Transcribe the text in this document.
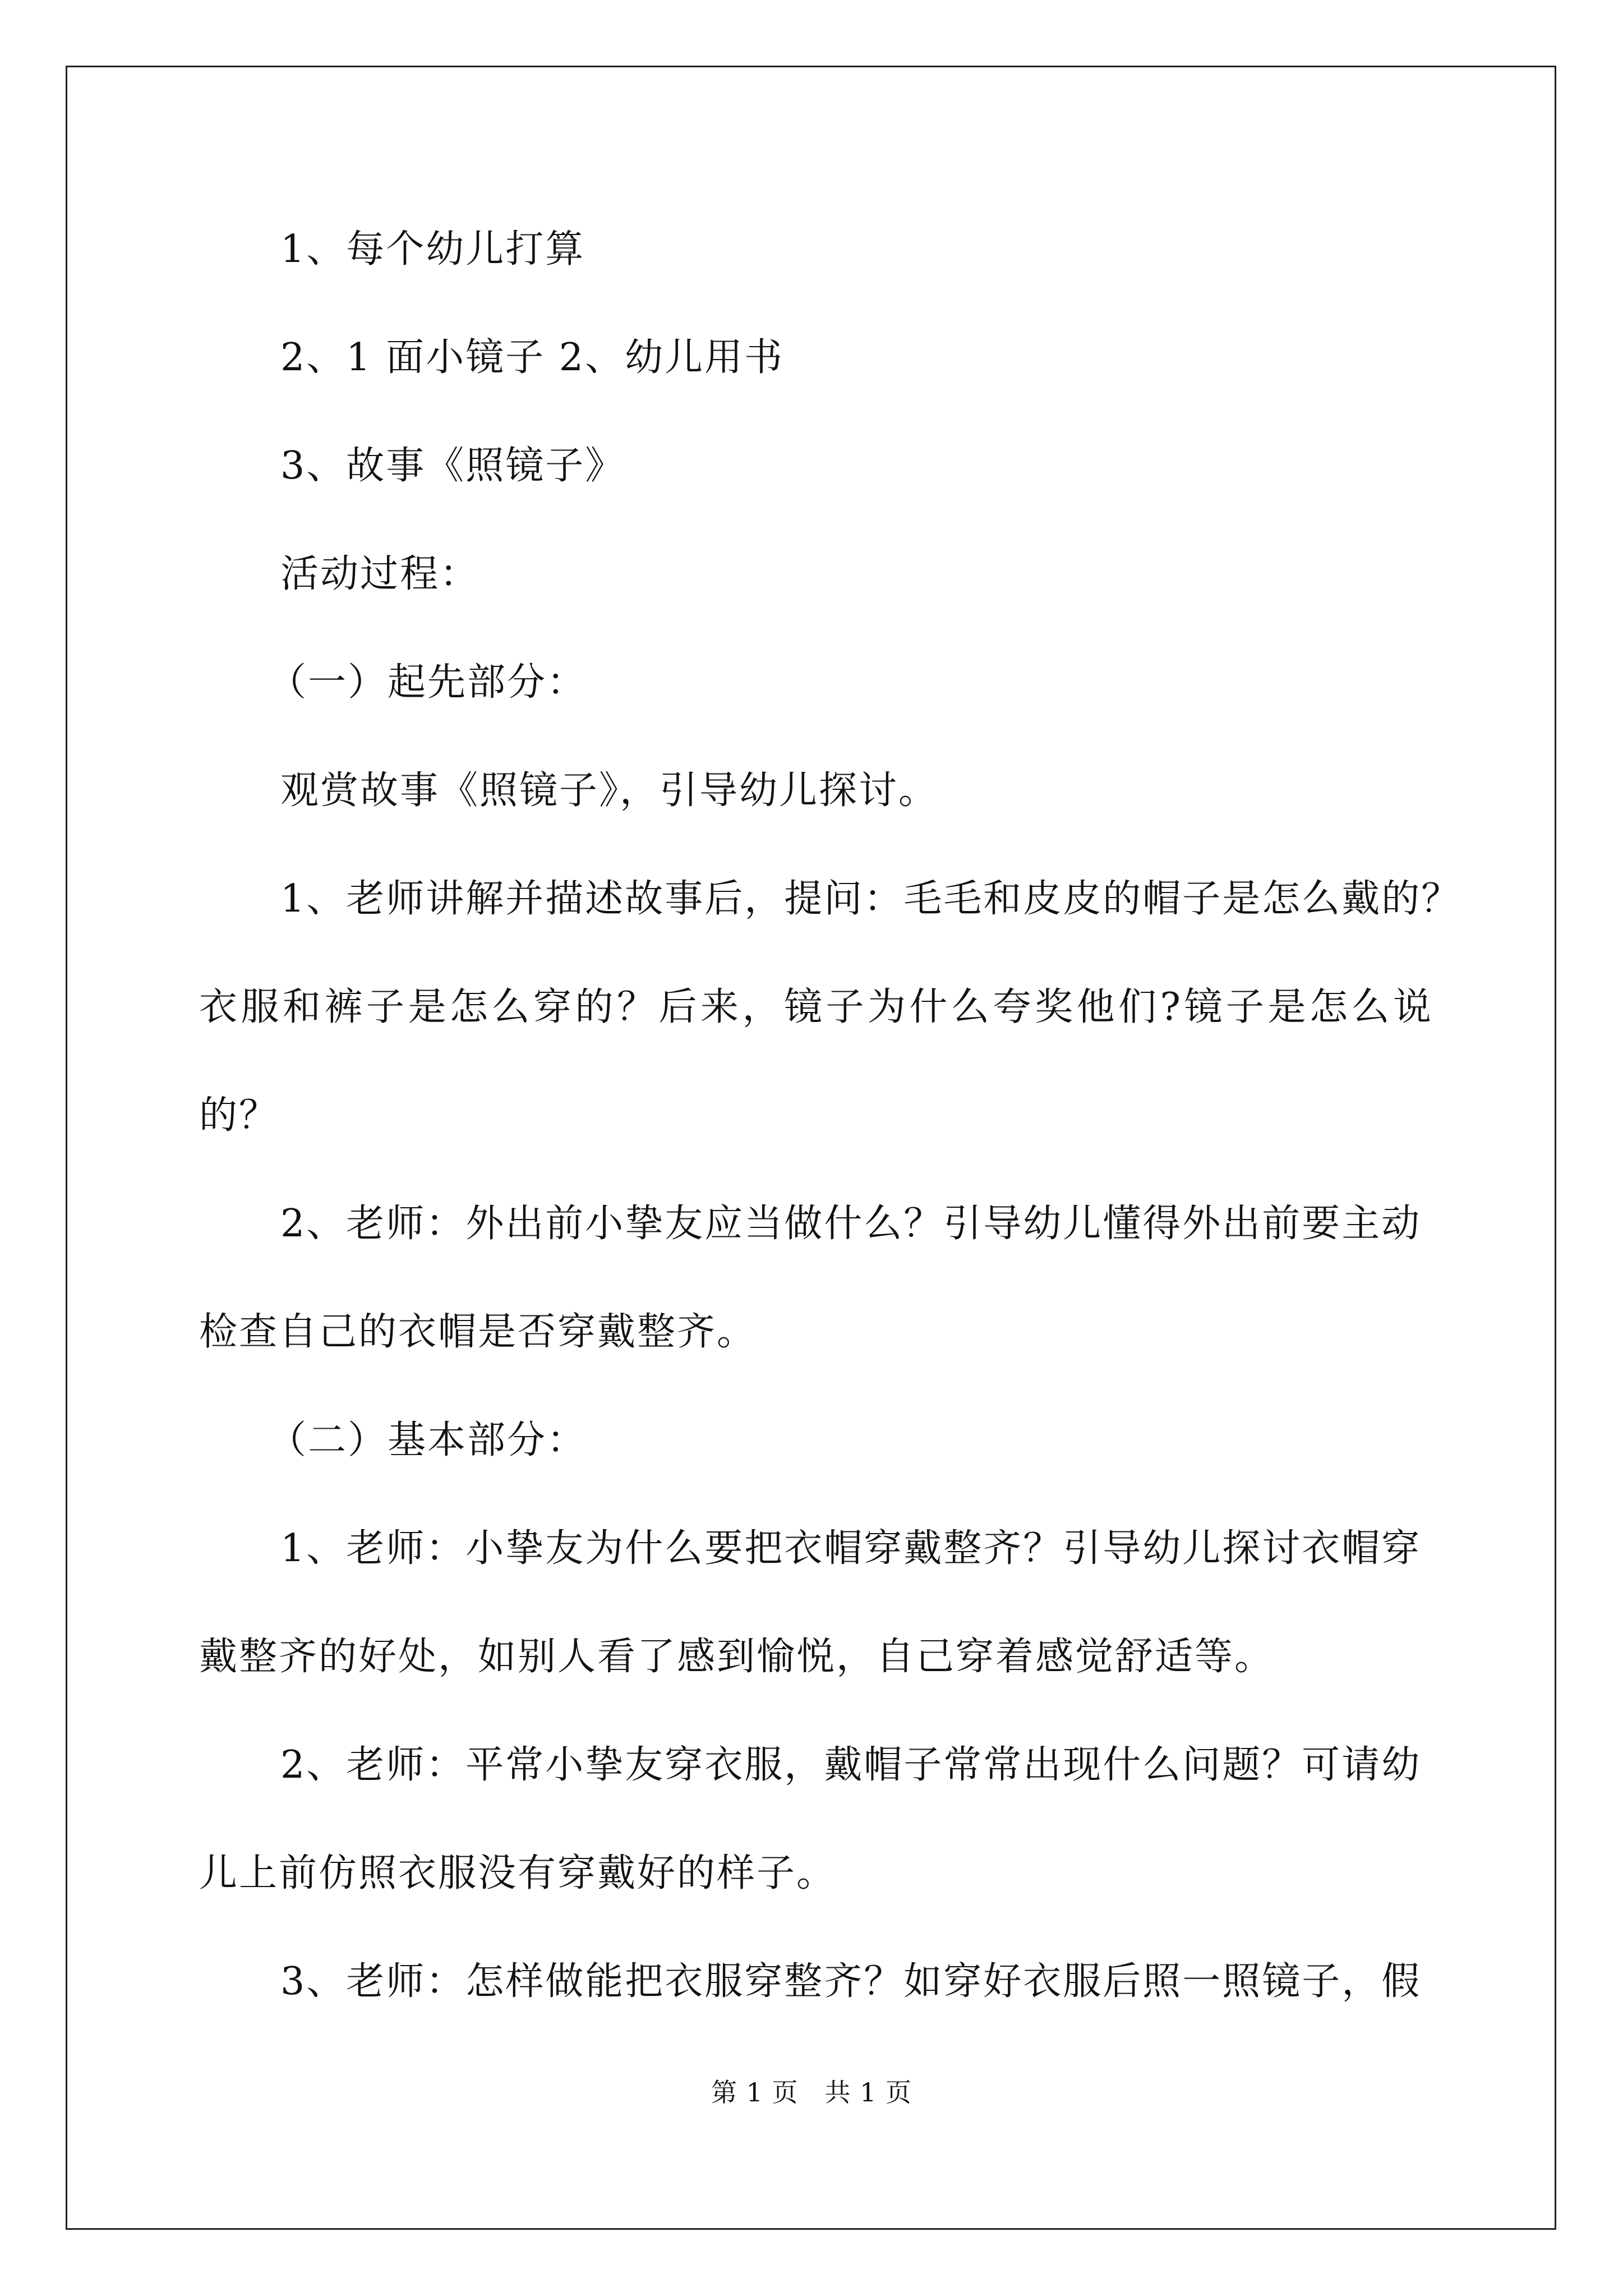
1、每个幼儿打算
2、1 面小镜子 2、幼儿用书
3、故事《照镜子》
活动过程：
（一）起先部分：
观赏故事《照镜子》，引导幼儿探讨。
1、老师讲解并描述故事后，提问：毛毛和皮皮的帽子是怎么戴的？
衣服和裤子是怎么穿的？后来，镜子为什么夸奖他们?镜子是怎么说
的？
2、老师：外出前小挚友应当做什么？引导幼儿懂得外出前要主动
检查自己的衣帽是否穿戴整齐。
（二）基本部分：
1、老师：小挚友为什么要把衣帽穿戴整齐？引导幼儿探讨衣帽穿
戴整齐的好处，如别人看了感到愉悦，自己穿着感觉舒适等。
2、老师：平常小挚友穿衣服，戴帽子常常出现什么问题？可请幼
儿上前仿照衣服没有穿戴好的样子。
3、老师：怎样做能把衣服穿整齐？如穿好衣服后照一照镜子，假
第 1 页　共 1 页
